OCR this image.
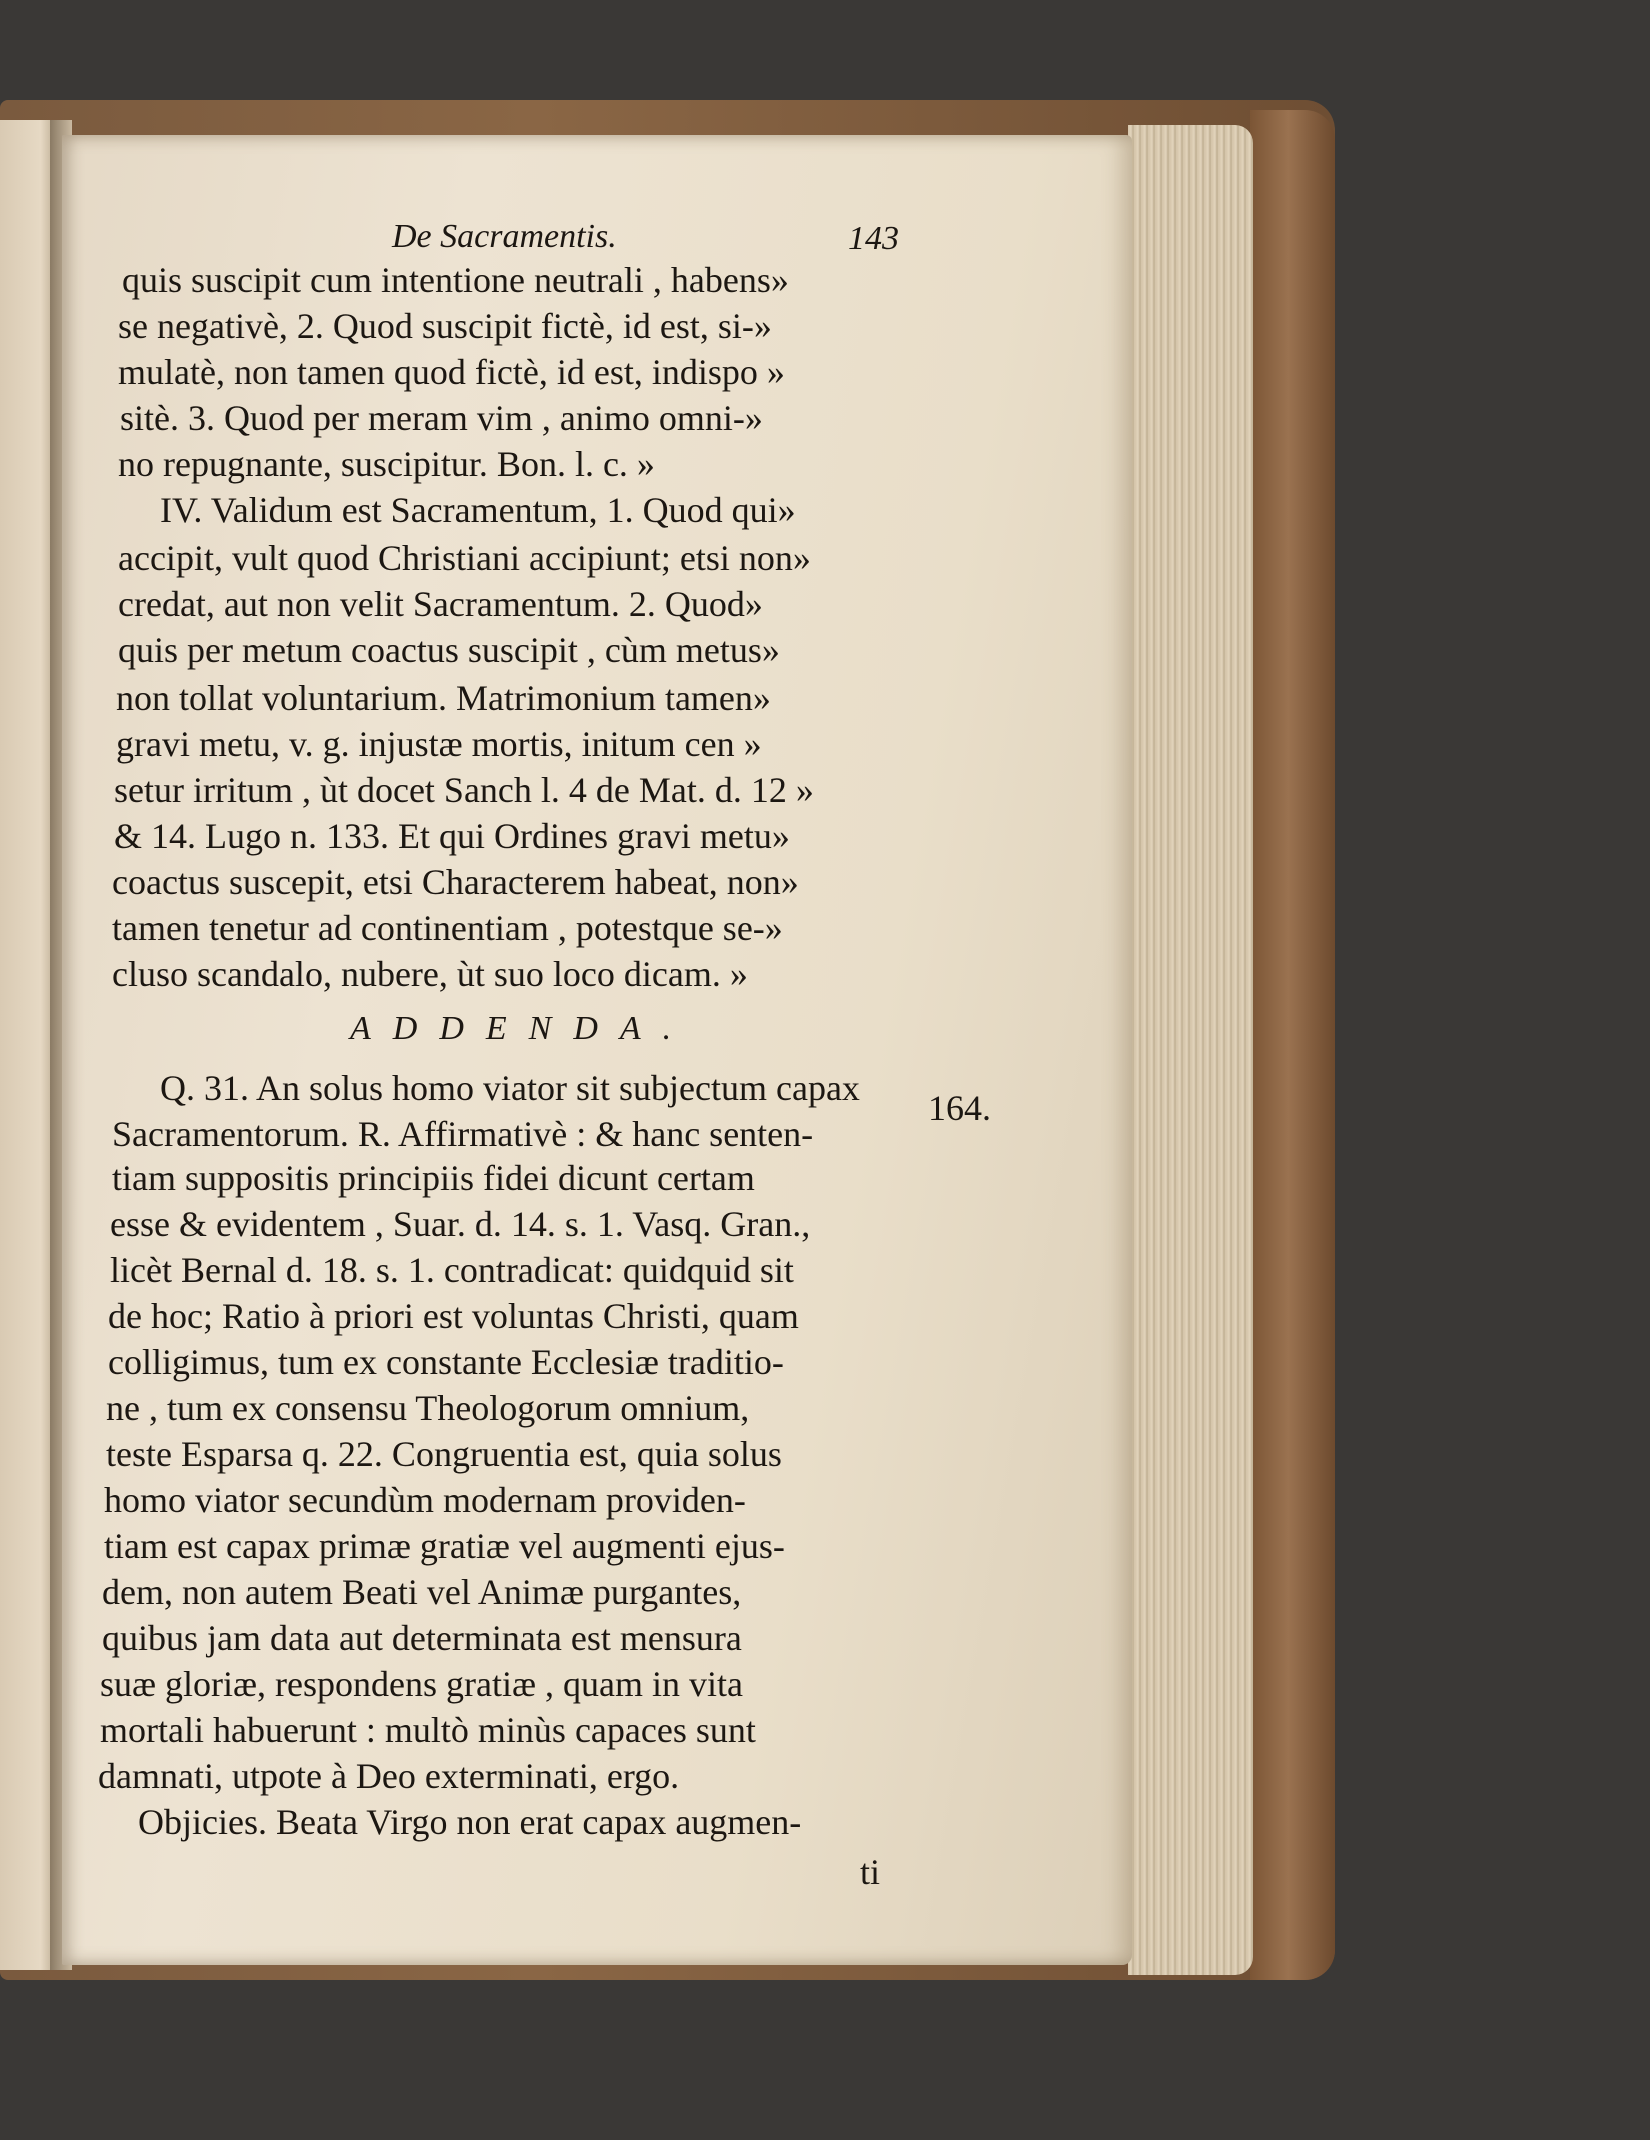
De Sacramentis.	143
quis suscipit cum intentione neutrali , habens»
se negativè, 2. Quod suscipit fictè, id est, si-»
mulatè, non tamen quod fictè, id est, indispo »
sitè. 3. Quod per meram vim , animo omni-»
no repugnante, suscipitur. Bon. l. c. »
IV. Validum est Sacramentum, 1. Quod qui»
accipit, vult quod Christiani accipiunt; etsi non»
credat, aut non velit Sacramentum. 2. Quod»
quis per metum coactus suscipit , cùm metus»
non tollat voluntarium. Matrimonium tamen»
gravi metu, v. g. injustæ mortis, initum cen »
setur irritum , ùt docet Sanch l. 4 de Mat. d. 12 »
& 14. Lugo n. 133. Et qui Ordines gravi metu»
coactus suscepit, etsi Characterem habeat, non»
tamen tenetur ad continentiam , potestque se-»
cluso scandalo, nubere, ùt suo loco dicam. »
ADDENDA.
164.
Q. 31. An solus homo viator sit subjectum capax
Sacramentorum. R. Affirmativè : & hanc senten-
tiam suppositis principiis fidei dicunt certam
esse & evidentem , Suar. d. 14. s. 1. Vasq. Gran.,
licèt Bernal d. 18. s. 1. contradicat: quidquid sit
de hoc; Ratio à priori est voluntas Christi, quam
colligimus, tum ex constante Ecclesiæ traditio-
ne , tum ex consensu Theologorum omnium,
teste Esparsa q. 22. Congruentia est, quia solus
homo viator secundùm modernam providen-
tiam est capax primæ gratiæ vel augmenti ejus-
dem, non autem Beati vel Animæ purgantes,
quibus jam data aut determinata est mensura
suæ gloriæ, respondens gratiæ , quam in vita
mortali habuerunt : multò minùs capaces sunt
damnati, utpote à Deo exterminati, ergo.
Objicies. Beata Virgo non erat capax augmen-
ti
